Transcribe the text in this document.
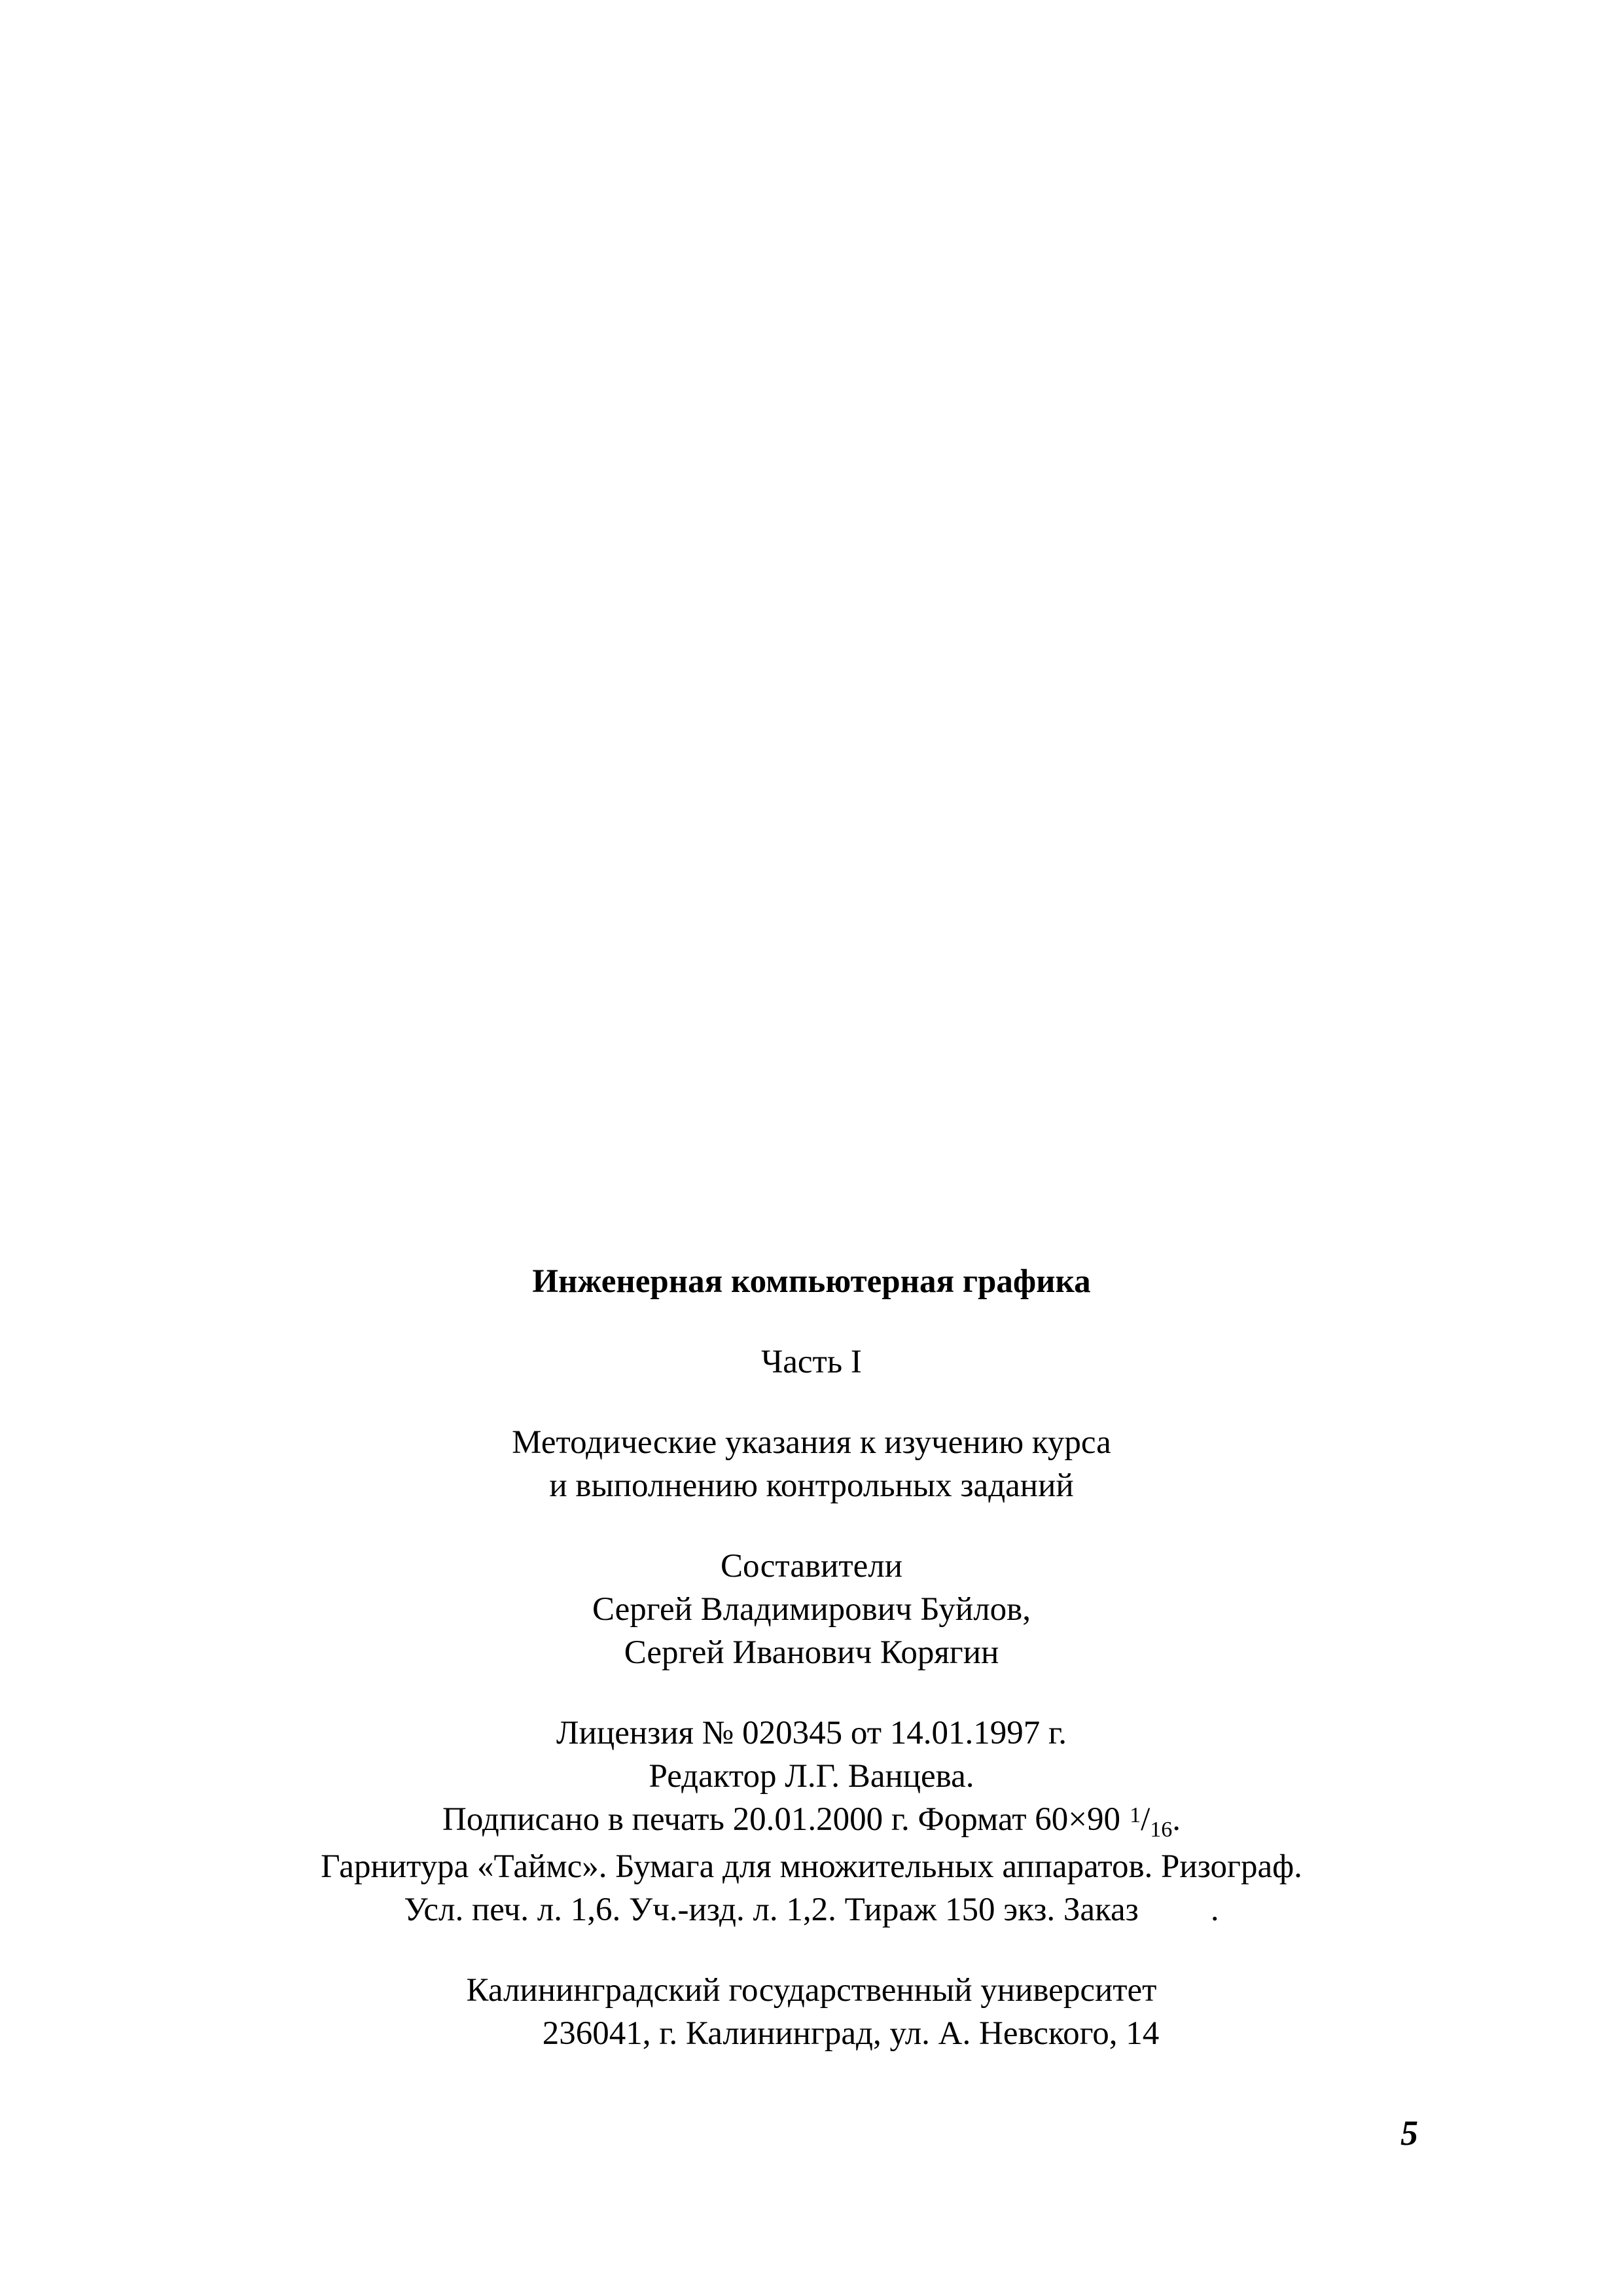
Инженерная компьютерная графика
Часть I
Методические указания к изучению курса
и выполнению контрольных заданий
Составители
Сергей Владимирович Буйлов,
Сергей Иванович Корягин
Лицензия № 020345 от 14.01.1997 г.
Редактор Л.Г. Ванцева.
Подписано в печать 20.01.2000 г. Формат 60×90 $^1/_{16}$.
Гарнитура «Таймс». Бумага для множительных аппаратов. Ризограф.
Усл. печ. л. 1,6. Уч.-изд. л. 1,2. Тираж 150 экз. Заказ .
Калининградский государственный университет
236041, г. Калининград, ул. А. Невского, 14
5
